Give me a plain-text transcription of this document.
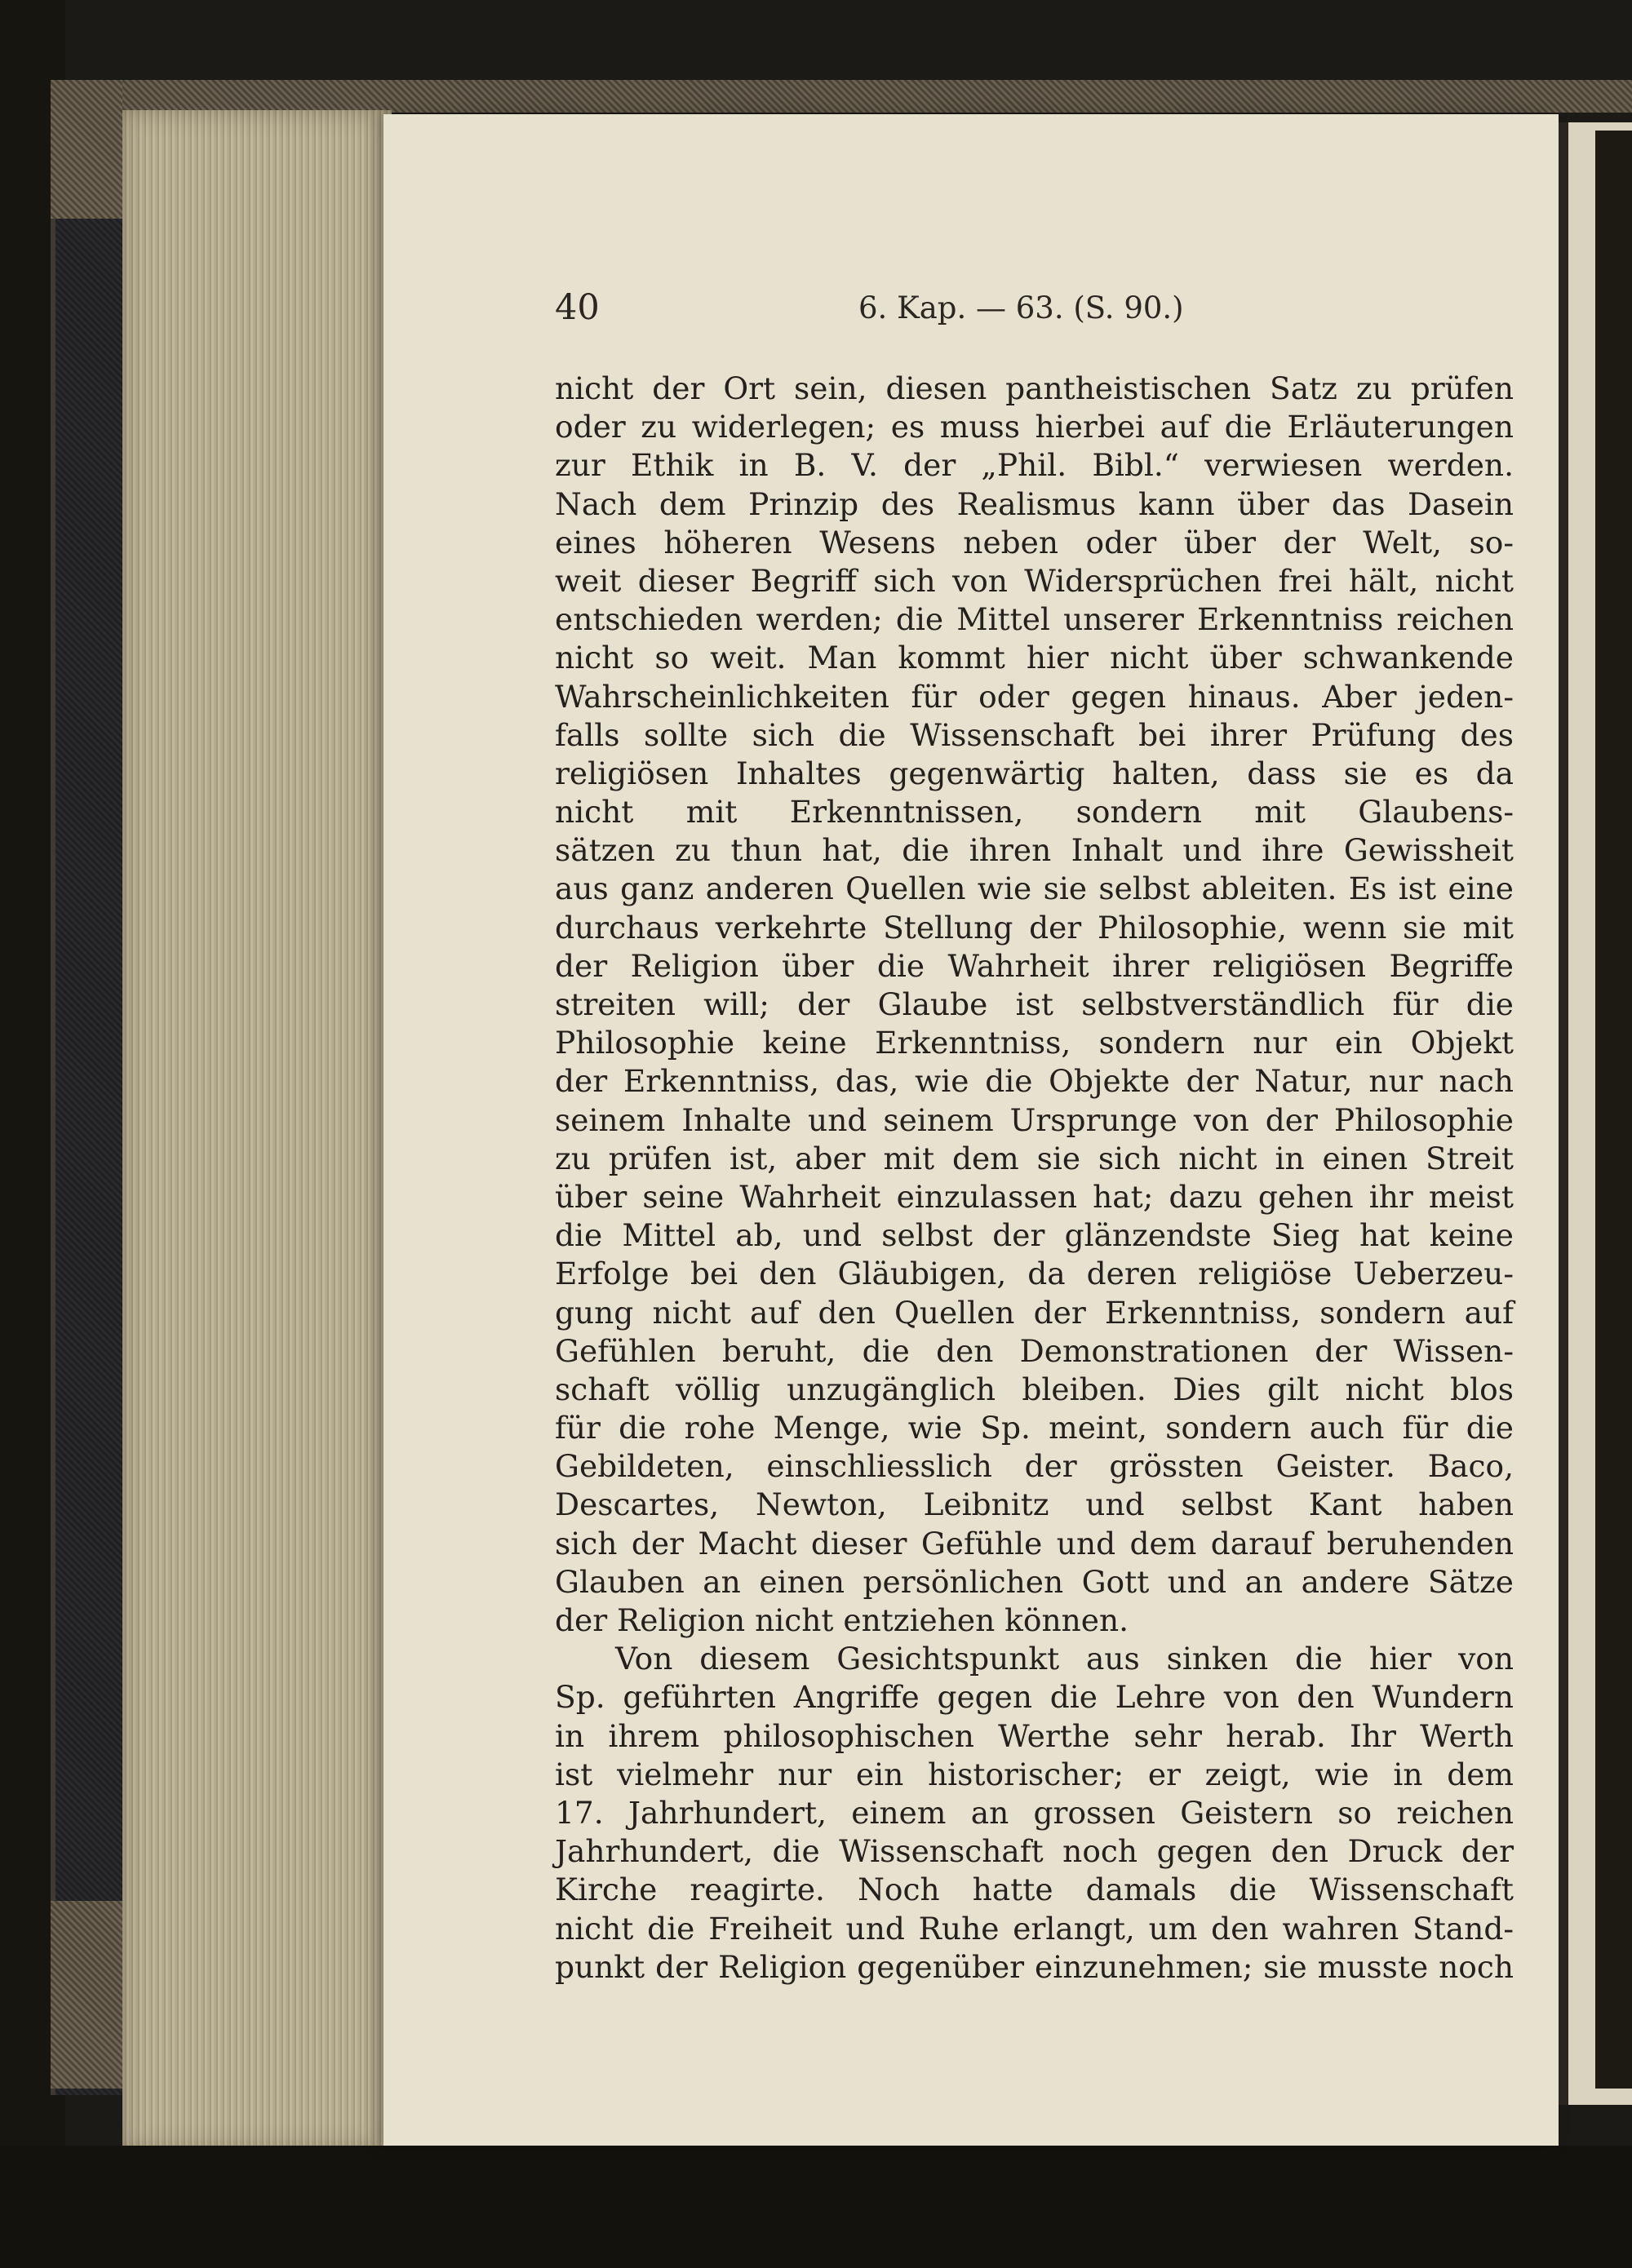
40	6. Kap. — 63. (S. 90.)
nicht der Ort sein, diesen pantheistischen Satz zu prüfen
oder zu widerlegen; es muss hierbei auf die Erläuterungen
zur Ethik in B. V. der „Phil. Bibl.“ verwiesen werden.
Nach dem Prinzip des Realismus kann über das Dasein
eines höheren Wesens neben oder über der Welt, so-
weit dieser Begriff sich von Widersprüchen frei hält, nicht
entschieden werden; die Mittel unserer Erkenntniss reichen
nicht so weit. Man kommt hier nicht über schwankende
Wahrscheinlichkeiten für oder gegen hinaus. Aber jeden-
falls sollte sich die Wissenschaft bei ihrer Prüfung des
religiösen Inhaltes gegenwärtig halten, dass sie es da
nicht mit Erkenntnissen, sondern mit Glaubens-
sätzen zu thun hat, die ihren Inhalt und ihre Gewissheit
aus ganz anderen Quellen wie sie selbst ableiten. Es ist eine
durchaus verkehrte Stellung der Philosophie, wenn sie mit
der Religion über die Wahrheit ihrer religiösen Begriffe
streiten will; der Glaube ist selbstverständlich für die
Philosophie keine Erkenntniss, sondern nur ein Objekt
der Erkenntniss, das, wie die Objekte der Natur, nur nach
seinem Inhalte und seinem Ursprunge von der Philosophie
zu prüfen ist, aber mit dem sie sich nicht in einen Streit
über seine Wahrheit einzulassen hat; dazu gehen ihr meist
die Mittel ab, und selbst der glänzendste Sieg hat keine
Erfolge bei den Gläubigen, da deren religiöse Ueberzeu-
gung nicht auf den Quellen der Erkenntniss, sondern auf
Gefühlen beruht, die den Demonstrationen der Wissen-
schaft völlig unzugänglich bleiben. Dies gilt nicht blos
für die rohe Menge, wie Sp. meint, sondern auch für die
Gebildeten, einschliesslich der grössten Geister. Baco,
Descartes, Newton, Leibnitz und selbst Kant haben
sich der Macht dieser Gefühle und dem darauf beruhenden
Glauben an einen persönlichen Gott und an andere Sätze
der Religion nicht entziehen können.
Von diesem Gesichtspunkt aus sinken die hier von
Sp. geführten Angriffe gegen die Lehre von den Wundern
in ihrem philosophischen Werthe sehr herab. Ihr Werth
ist vielmehr nur ein historischer; er zeigt, wie in dem
17. Jahrhundert, einem an grossen Geistern so reichen
Jahrhundert, die Wissenschaft noch gegen den Druck der
Kirche reagirte. Noch hatte damals die Wissenschaft
nicht die Freiheit und Ruhe erlangt, um den wahren Stand-
punkt der Religion gegenüber einzunehmen; sie musste noch
